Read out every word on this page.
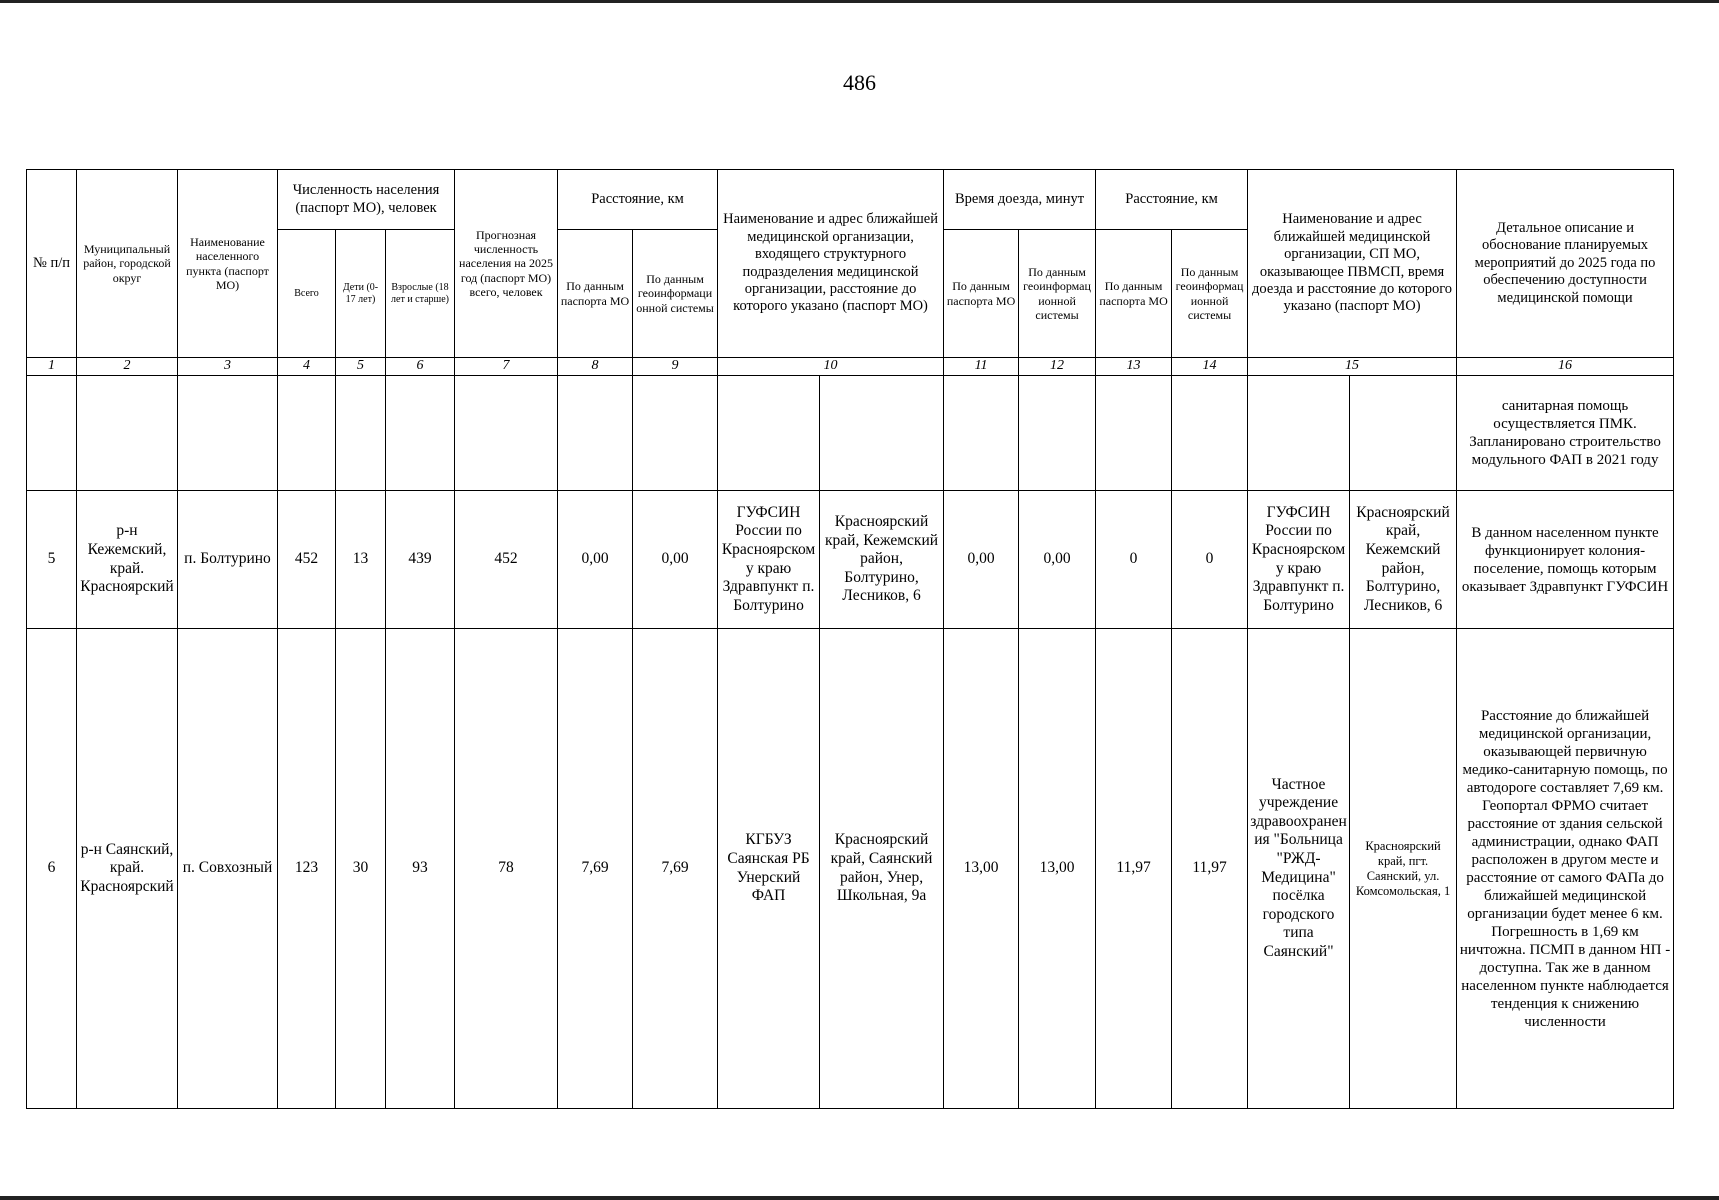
486
№ п/п	Муниципальный район, городской округ	Наименование населенного пункта (паспорт МО)	Численность населения (паспорт МО), человек			Прогнозная численность населения на 2025 год (паспорт МО) всего, человек	Расстояние, км		Наименование и адрес ближайшей медицинской организации, входящего структурного подразделения медицинской организации, расстояние до которого указано (паспорт МО)		Время доезда, минут		Расстояние, км		Наименование и адрес ближайшей медицинской организации, СП МО, оказывающее ПВМСП, время доезда и расстояние до которого указано (паспорт МО)		Детальное описание и обоснование планируемых мероприятий до 2025 года по обеспечению доступности медицинской помощи
			Всего	Дети (0-17 лет)	Взрослые (18 лет и старше)		По данным паспорта МО	По данным геоинформационной системы			По данным паспорта МО	По данным геоинформационной системы	По данным паспорта МО	По данным геоинформационной системы			
1	2	3	4	5	6	7	8	9	10		11	12	13	14	15		16
																	санитарная помощь осуществляется ПМК. Запланировано строительство модульного ФАП в 2021 году
5	р-н Кежемский, край. Красноярский	п. Болтурино	452	13	439	452	0,00	0,00	ГУФСИН России по Красноярскому краю Здравпункт п. Болтурино	Красноярский край, Кежемский район, Болтурино, Лесников, 6	0,00	0,00	0	0	ГУФСИН России по Красноярскому краю Здравпункт п. Болтурино	Красноярский край, Кежемский район, Болтурино, Лесников, 6	В данном населенном пункте функционирует колония-поселение, помощь которым оказывает Здравпункт ГУФСИН
6	р-н Саянский, край. Красноярский	п. Совхозный	123	30	93	78	7,69	7,69	КГБУЗ Саянская РБ Унерский ФАП	Красноярский край, Саянский район, Унер, Школьная, 9а	13,00	13,00	11,97	11,97	Частное учреждение здравоохранения "Больница "РЖД-Медицина" посёлка городского типа Саянский"	Красноярский край, пгт. Саянский, ул. Комсомольская, 1	Расстояние до ближайшей медицинской организации, оказывающей первичную медико-санитарную помощь, по автодороге составляет 7,69 км. Геопортал ФРМО считает расстояние от здания сельской администрации, однако ФАП расположен в другом месте и расстояние от самого ФАПа до ближайшей медицинской организации будет менее 6 км. Погрешность в 1,69 км ничтожна. ПСМП в данном НП - доступна. Так же в данном населенном пункте наблюдается тенденция к снижению численности
